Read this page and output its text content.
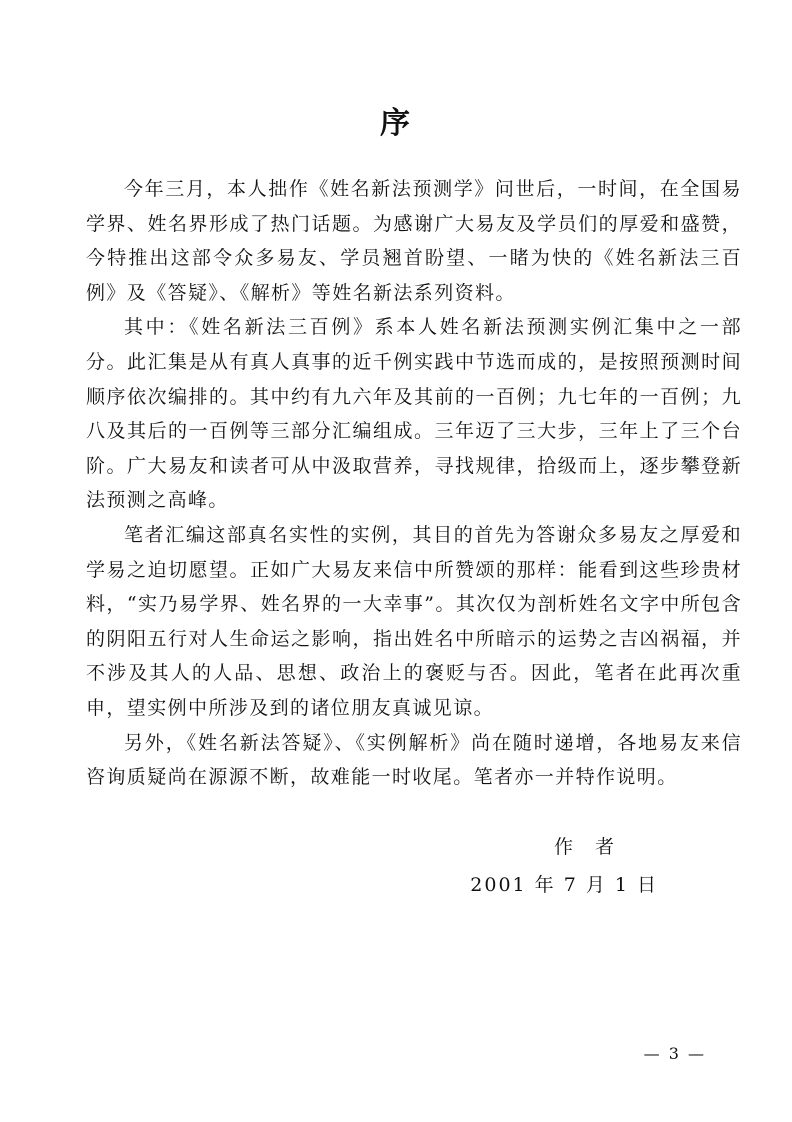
序

今年三月，本人拙作《姓名新法预测学》问世后，一时间，在全国易学界、姓名界形成了热门话题。为感谢广大易友及学员们的厚爱和盛赞，今特推出这部令众多易友、学员翘首盼望、一睹为快的《姓名新法三百例》及《答疑》、《解析》等姓名新法系列资料。

其中：《姓名新法三百例》系本人姓名新法预测实例汇集中之一部分。此汇集是从有真人真事的近千例实践中节选而成的，是按照预测时间顺序依次编排的。其中约有九六年及其前的一百例；九七年的一百例；九八及其后的一百例等三部分汇编组成。三年迈了三大步，三年上了三个台阶。广大易友和读者可从中汲取营养，寻找规律，拾级而上，逐步攀登新法预测之高峰。

笔者汇编这部真名实性的实例，其目的首先为答谢众多易友之厚爱和学易之迫切愿望。正如广大易友来信中所赞颂的那样：能看到这些珍贵材料，“实乃易学界、姓名界的一大幸事”。其次仅为剖析姓名文字中所包含的阴阳五行对人生命运之影响，指出姓名中所暗示的运势之吉凶祸福，并不涉及其人的人品、思想、政治上的褒贬与否。因此，笔者在此再次重申，望实例中所涉及到的诸位朋友真诚见谅。

另外，《姓名新法答疑》、《实例解析》尚在随时递增，各地易友来信咨询质疑尚在源源不断，故难能一时收尾。笔者亦一并特作说明。

作者
2001 年 7 月 1 日
— 3 —
